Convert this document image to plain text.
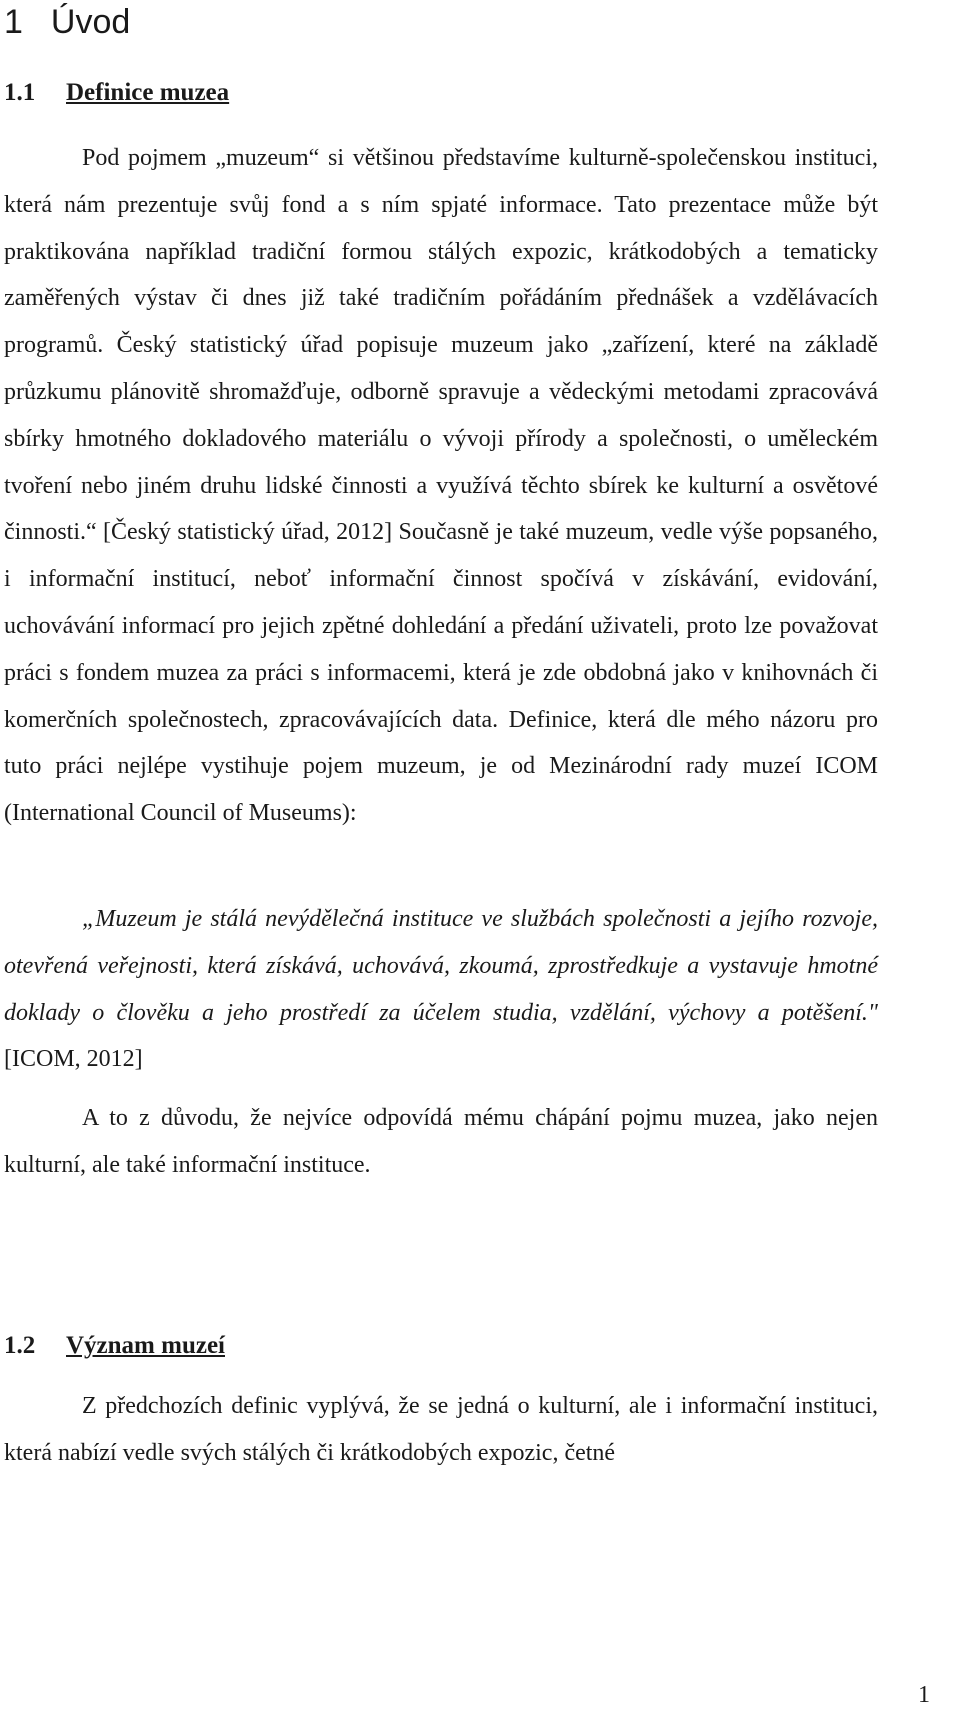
1 Úvod
1.1 Definice muzea

Pod pojmem „muzeum“ si většinou představíme kulturně-společenskou instituci, která nám prezentuje svůj fond a s ním spjaté informace. Tato prezentace může být praktikována například tradiční formou stálých expozic, krátkodobých a tematicky zaměřených výstav či dnes již také tradičním pořádáním přednášek a vzdělávacích programů. Český statistický úřad popisuje muzeum jako „zařízení, které na základě průzkumu plánovitě shromažďuje, odborně spravuje a vědeckými metodami zpracovává sbírky hmotného dokladového materiálu o vývoji přírody a společnosti, o uměleckém tvoření nebo jiném druhu lidské činnosti a využívá těchto sbírek ke kulturní a osvětové činnosti.“ [Český statistický úřad, 2012] Současně je také muzeum, vedle výše popsaného, i informační institucí, neboť informační činnost spočívá v získávání, evidování, uchovávání informací pro jejich zpětné dohledání a předání uživateli, proto lze považovat práci s fondem muzea za práci s informacemi, která je zde obdobná jako v knihovnách či komerčních společnostech, zpracovávajících data. Definice, která dle mého názoru pro tuto práci nejlépe vystihuje pojem muzeum, je od Mezinárodní rady muzeí ICOM (International Council of Museums):

„Muzeum je stálá nevýdělečná instituce ve službách společnosti a jejího rozvoje, otevřená veřejnosti, která získává, uchovává, zkoumá, zprostředkuje a vystavuje hmotné doklady o člověku a jeho prostředí za účelem studia, vzdělání, výchovy a potěšení." [ICOM, 2012]

A to z důvodu, že nejvíce odpovídá mému chápání pojmu muzea, jako nejen kulturní, ale také informační instituce.

1.2 Význam muzeí

Z předchozích definic vyplývá, že se jedná o kulturní, ale i informační instituci, která nabízí vedle svých stálých či krátkodobých expozic, četné

1
